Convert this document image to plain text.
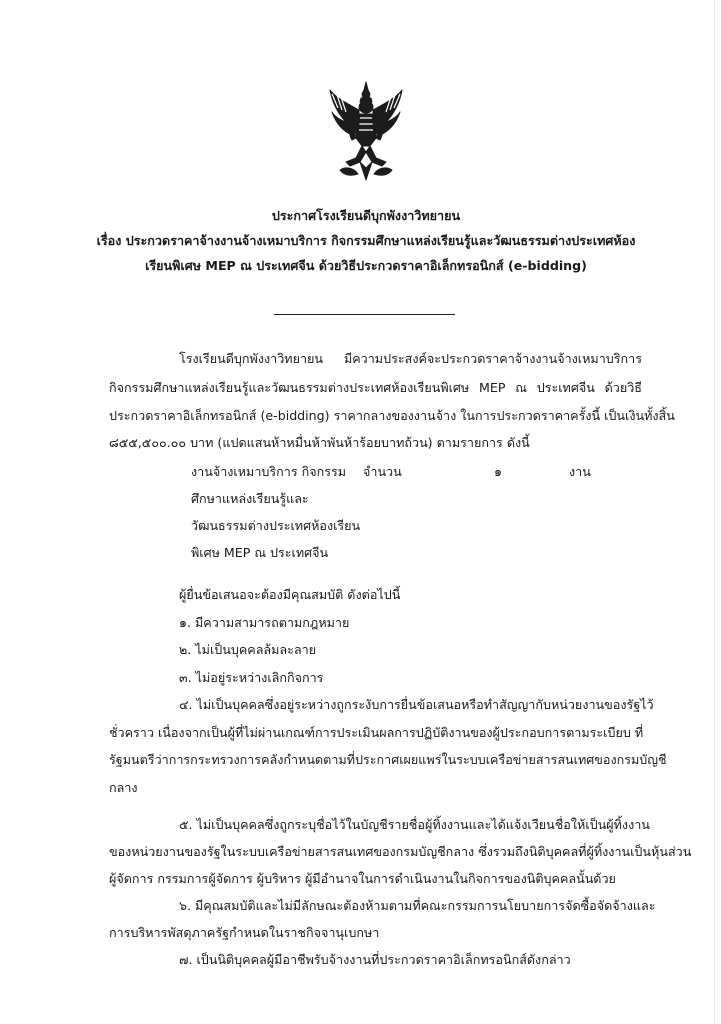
ประกาศโรงเรียนดีบุกพังงาวิทยายน
เรื่อง ประกวดราคาจ้างงานจ้างเหมาบริการ กิจกรรมศึกษาแหล่งเรียนรู้และวัฒนธรรมต่างประเทศห้อง
เรียนพิเศษ MEP ณ ประเทศจีน ด้วยวิธีประกวดราคาอิเล็กทรอนิกส์ (e-bidding)
โรงเรียนดีบุกพังงาวิทยายน มีความประสงค์จะประกวดราคาจ้างงานจ้างเหมาบริการ
กิจกรรมศึกษาแหล่งเรียนรู้และวัฒนธรรมต่างประเทศห้องเรียนพิเศษ MEP ณ ประเทศจีน ด้วยวิธี
ประกวดราคาอิเล็กทรอนิกส์ (e-bidding) ราคากลางของงานจ้าง ในการประกวดราคาครั้งนี้ เป็นเงินทั้งสิ้น
๘๕๕,๕๐๐.๐๐ บาท (แปดแสนห้าหมื่นห้าพันห้าร้อยบาทถ้วน) ตามรายการ ดังนี้
งานจ้างเหมาบริการ กิจกรรม จำนวน	๑	งาน
ศึกษาแหล่งเรียนรู้และ
วัฒนธรรมต่างประเทศห้องเรียน
พิเศษ MEP ณ ประเทศจีน
ผู้ยื่นข้อเสนอจะต้องมีคุณสมบัติ ดังต่อไปนี้
๑. มีความสามารถตามกฎหมาย
๒. ไม่เป็นบุคคลล้มละลาย
๓. ไม่อยู่ระหว่างเลิกกิจการ
๔. ไม่เป็นบุคคลซึ่งอยู่ระหว่างถูกระงับการยื่นข้อเสนอหรือทำสัญญากับหน่วยงานของรัฐไว้
ชั่วคราว เนื่องจากเป็นผู้ที่ไม่ผ่านเกณฑ์การประเมินผลการปฏิบัติงานของผู้ประกอบการตามระเบียบ ที่
รัฐมนตรีว่าการกระทรวงการคลังกำหนดตามที่ประกาศเผยแพร่ในระบบเครือข่ายสารสนเทศของกรมบัญชี
กลาง
๕. ไม่เป็นบุคคลซึ่งถูกระบุชื่อไว้ในบัญชีรายชื่อผู้ทิ้งงานและได้แจ้งเวียนชื่อให้เป็นผู้ทิ้งงาน
ของหน่วยงานของรัฐในระบบเครือข่ายสารสนเทศของกรมบัญชีกลาง ซึ่งรวมถึงนิติบุคคลที่ผู้ทิ้งงานเป็นหุ้นส่วน
ผู้จัดการ กรรมการผู้จัดการ ผู้บริหาร ผู้มีอำนาจในการดำเนินงานในกิจการของนิติบุคคลนั้นด้วย
๖. มีคุณสมบัติและไม่มีลักษณะต้องห้ามตามที่คณะกรรมการนโยบายการจัดซื้อจัดจ้างและ
การบริหารพัสดุภาครัฐกำหนดในราชกิจจานุเบกษา
๗. เป็นนิติบุคคลผู้มีอาชีพรับจ้างงานที่ประกวดราคาอิเล็กทรอนิกส์ดังกล่าว
